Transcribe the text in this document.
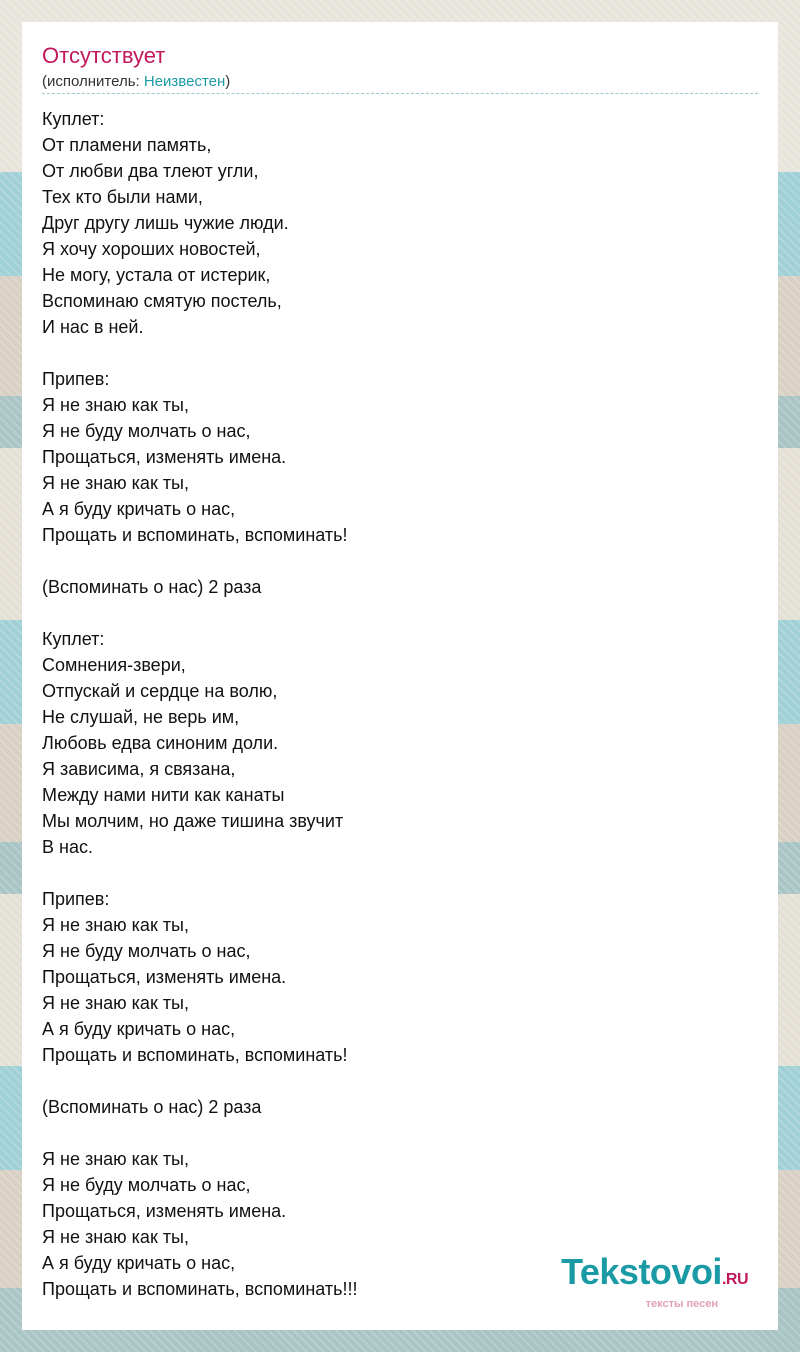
Отсутствует
(исполнитель: Неизвестен)
Куплет:
От пламени память,
От любви два тлеют угли,
Тех кто были нами,
Друг другу лишь чужие люди.
Я хочу хороших новостей,
Не могу, устала от истерик,
Вспоминаю смятую постель,
И нас в ней.
Припев:
Я не знаю как ты,
Я не буду молчать о нас,
Прощаться, изменять имена.
Я не знаю как ты,
А я буду кричать о нас,
Прощать и вспоминать, вспоминать!
(Вспоминать о нас) 2 раза
Куплет:
Сомнения-звери,
Отпускай и сердце на волю,
Не слушай, не верь им,
Любовь едва синоним доли.
Я зависима, я связана,
Между нами нити как канаты
Мы молчим, но даже тишина звучит
В нас.
Припев:
Я не знаю как ты,
Я не буду молчать о нас,
Прощаться, изменять имена.
Я не знаю как ты,
А я буду кричать о нас,
Прощать и вспоминать, вспоминать!
(Вспоминать о нас) 2 раза
Я не знаю как ты,
Я не буду молчать о нас,
Прощаться, изменять имена.
Я не знаю как ты,
А я буду кричать о нас,
Прощать и вспоминать, вспоминать!!!	Tekstovoi.RU
тексты песен
